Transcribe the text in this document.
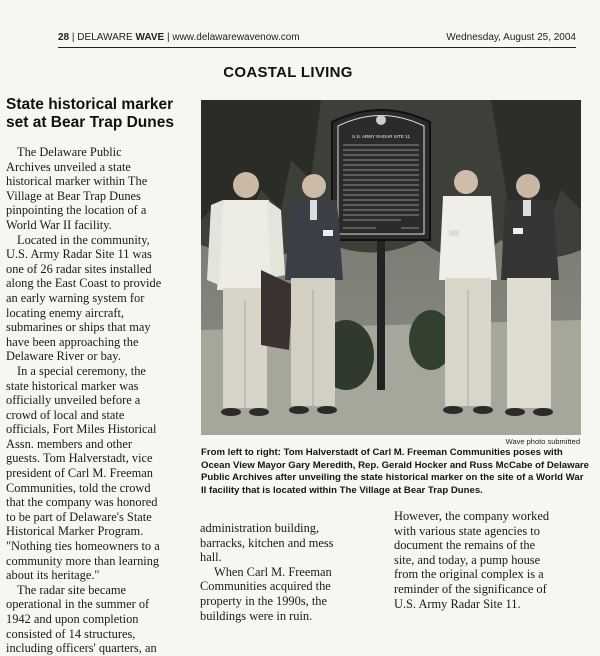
28 | DELAWARE WAVE | www.delawarewavenow.com	Wednesday, August 25, 2004
COASTAL LIVING
State historical marker
set at Bear Trap Dunes

The Delaware Public

Archives unveiled a state

historical marker within The

Village at Bear Trap Dunes

pinpointing the location of a

World War II facility.

Located in the community,

U.S. Army Radar Site 11 was

one of 26 radar sites installed

along the East Coast to provide

an early warning system for

locating enemy aircraft,

submarines or ships that may

have been approaching the

Delaware River or bay.

In a special ceremony, the

state historical marker was

officially unveiled before a

crowd of local and state

officials, Fort Miles Historical

Assn. members and other

guests. Tom Halverstadt, vice

president of Carl M. Freeman

Communities, told the crowd

that the company was honored

to be part of Delaware's State

Historical Marker Program.

"Nothing ties homeowners to a

community more than learning

about its heritage."

The radar site became

operational in the summer of

1942 and upon completion

consisted of 14 structures,

including officers' quarters, an

U.S. ARMY RADAR SITE 11
Wave photo submitted
From left to right: Tom Halverstadt of Carl M. Freeman Communities poses with
Ocean View Mayor Gary Meredith, Rep. Gerald Hocker and Russ McCabe of Delaware
Public Archives after unveiling the state historical marker on the site of a World War
II facility that is located within The Village at Bear Trap Dunes.

administration building,

barracks, kitchen and mess

hall.

When Carl M. Freeman

Communities acquired the

property in the 1990s, the

buildings were in ruin.

However, the company worked

with various state agencies to

document the remains of the

site, and today, a pump house

from the original complex is a

reminder of the significance of

U.S. Army Radar Site 11.
